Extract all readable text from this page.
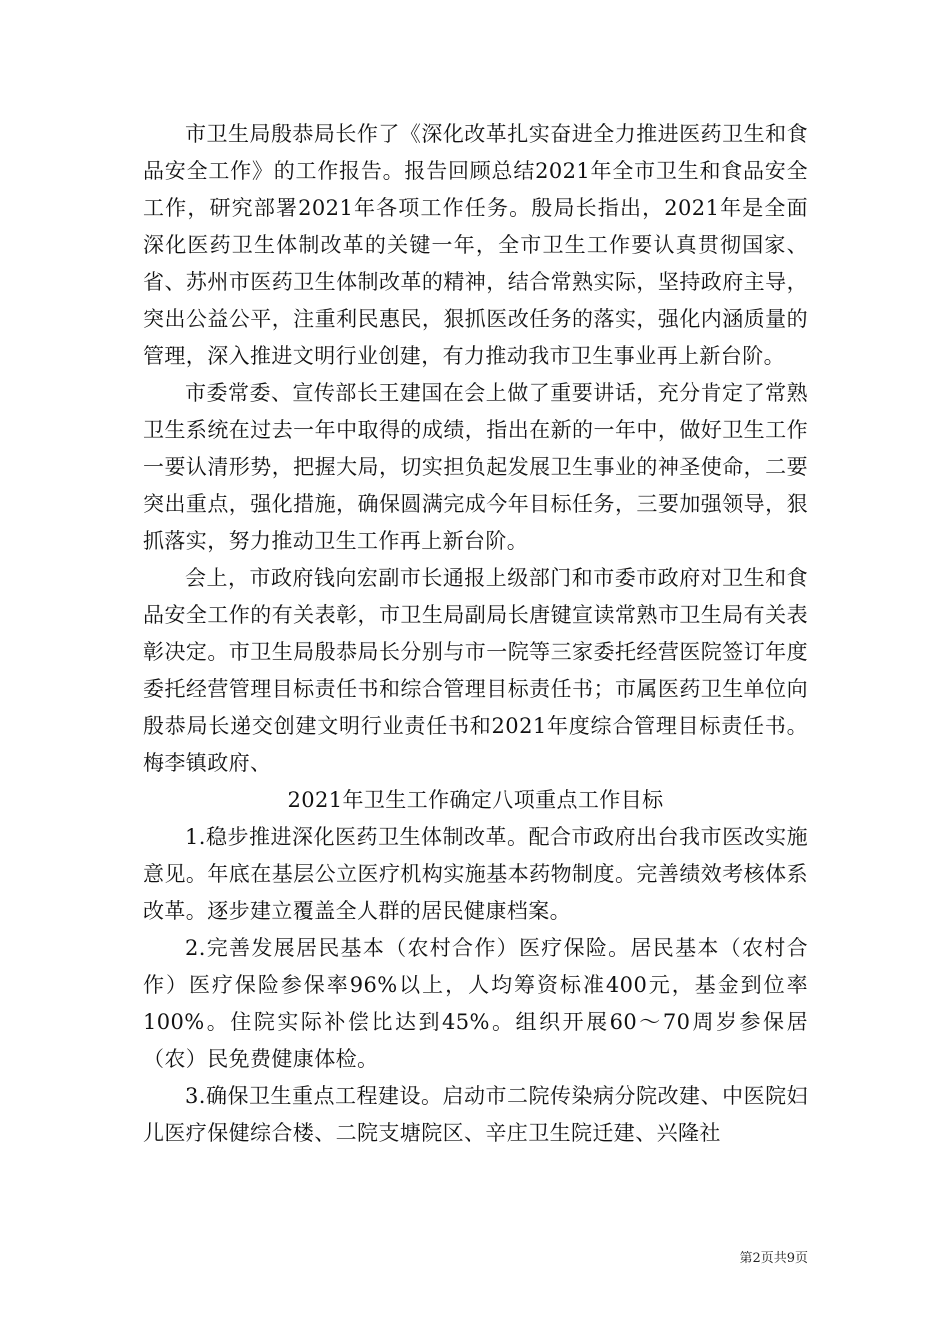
市卫生局殷恭局长作了《深化改革扎实奋进全力推进医药卫生和食品安全工作》的工作报告。报告回顾总结2021年全市卫生和食品安全工作，研究部署2021年各项工作任务。殷局长指出，2021年是全面深化医药卫生体制改革的关键一年，全市卫生工作要认真贯彻国家、省、苏州市医药卫生体制改革的精神，结合常熟实际，坚持政府主导，突出公益公平，注重利民惠民，狠抓医改任务的落实，强化内涵质量的管理，深入推进文明行业创建，有力推动我市卫生事业再上新台阶。

市委常委、宣传部长王建国在会上做了重要讲话，充分肯定了常熟卫生系统在过去一年中取得的成绩，指出在新的一年中，做好卫生工作一要认清形势，把握大局，切实担负起发展卫生事业的神圣使命，二要突出重点，强化措施，确保圆满完成今年目标任务，三要加强领导，狠抓落实，努力推动卫生工作再上新台阶。

会上，市政府钱向宏副市长通报上级部门和市委市政府对卫生和食品安全工作的有关表彰，市卫生局副局长唐键宣读常熟市卫生局有关表彰决定。市卫生局殷恭局长分别与市一院等三家委托经营医院签订年度委托经营管理目标责任书和综合管理目标责任书；市属医药卫生单位向殷恭局长递交创建文明行业责任书和2021年度综合管理目标责任书。梅李镇政府、

2021年卫生工作确定八项重点工作目标

1.稳步推进深化医药卫生体制改革。配合市政府出台我市医改实施意见。年底在基层公立医疗机构实施基本药物制度。完善绩效考核体系改革。逐步建立覆盖全人群的居民健康档案。

2.完善发展居民基本（农村合作）医疗保险。居民基本（农村合作）医疗保险参保率96%以上，人均筹资标准400元，基金到位率100%。住院实际补偿比达到45%。组织开展60～70周岁参保居（农）民免费健康体检。

3.确保卫生重点工程建设。启动市二院传染病分院改建、中医院妇儿医疗保健综合楼、二院支塘院区、辛庄卫生院迁建、兴隆社

第2页共9页
